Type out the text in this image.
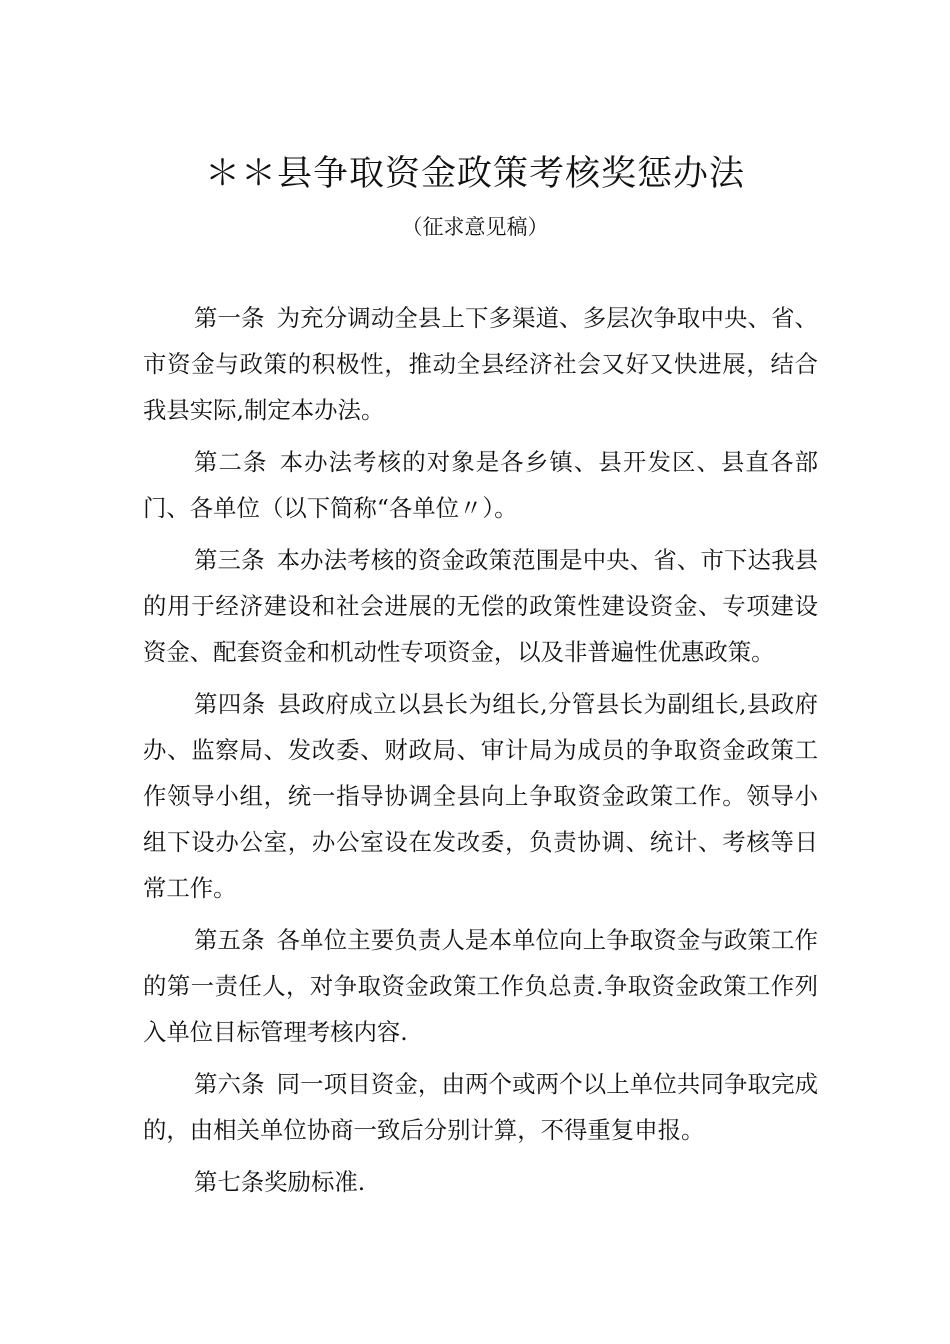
＊＊县争取资金政策考核奖惩办法
（征求意见稿）

第一条 为充分调动全县上下多渠道、多层次争取中央、省、市资金与政策的积极性，推动全县经济社会又好又快进展，结合我县实际,制定本办法。

第二条 本办法考核的对象是各乡镇、县开发区、县直各部门、各单位（以下简称“各单位〃）。

第三条 本办法考核的资金政策范围是中央、省、市下达我县的用于经济建设和社会进展的无偿的政策性建设资金、专项建设资金、配套资金和机动性专项资金，以及非普遍性优惠政策。

第四条 县政府成立以县长为组长,分管县长为副组长,县政府办、监察局、发改委、财政局、审计局为成员的争取资金政策工作领导小组，统一指导协调全县向上争取资金政策工作。领导小组下设办公室，办公室设在发改委，负责协调、统计、考核等日常工作。

第五条 各单位主要负责人是本单位向上争取资金与政策工作的第一责任人，对争取资金政策工作负总责.争取资金政策工作列入单位目标管理考核内容.

第六条 同一项目资金，由两个或两个以上单位共同争取完成的，由相关单位协商一致后分别计算，不得重复申报。

第七条奖励标准.
